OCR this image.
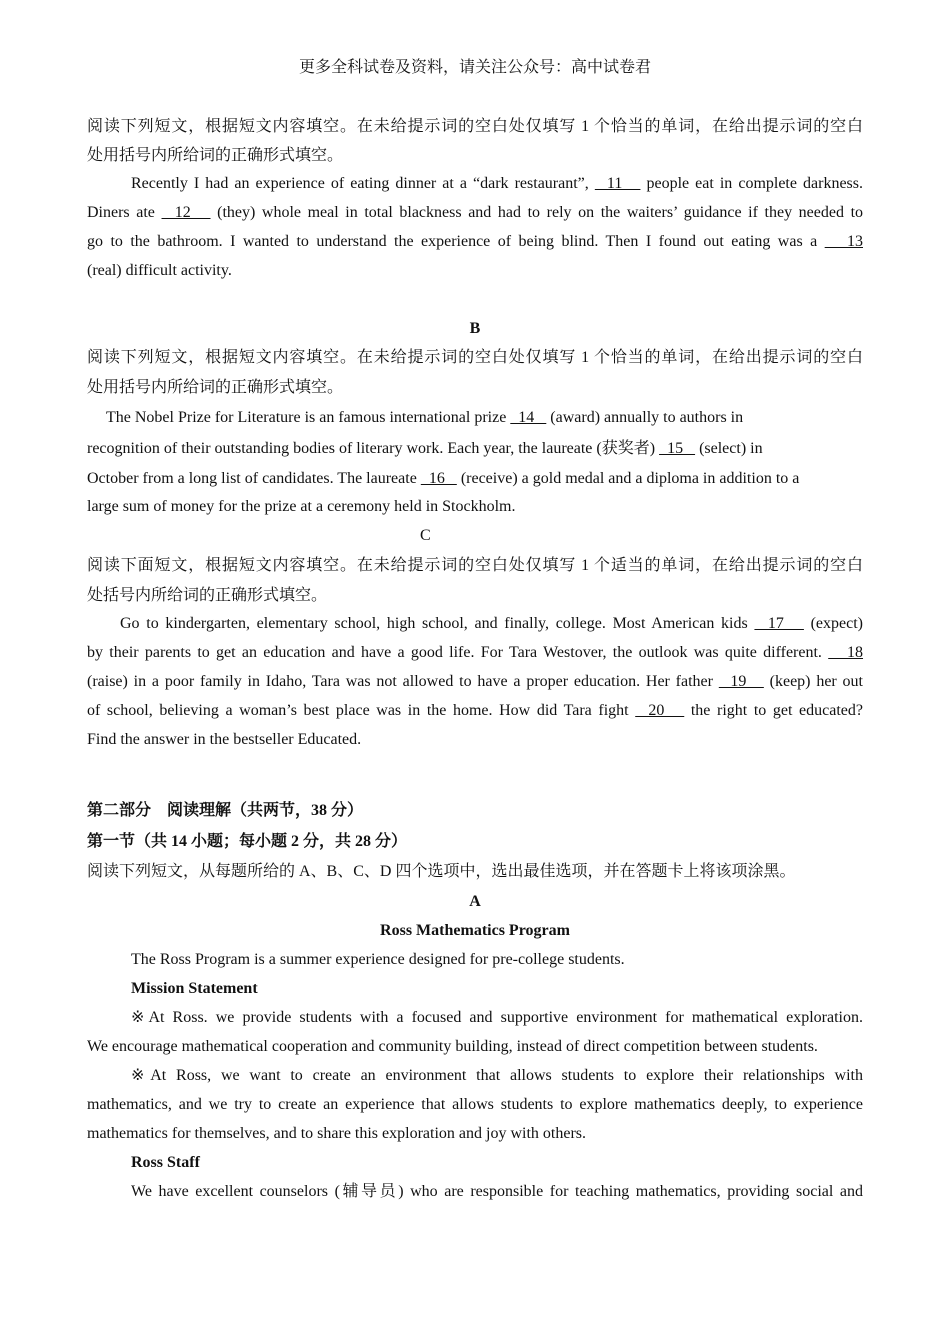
更多全科试卷及资料，请关注公众号：高中试卷君
阅读下列短文，根据短文内容填空。在未给提示词的空白处仅填写 1 个恰当的单词，在给出提示词的空白
处用括号内所给词的正确形式填空。
Recently I had an experience of eating dinner at a “dark restaurant”,   11    people eat in complete darkness.
Diners ate   12    (they) whole meal in total blackness and had to rely on the waiters’ guidance if they needed to
go to the bathroom. I wanted to understand the experience of being blind. Then I found out eating was a    13
(real) difficult activity.
B
阅读下列短文，根据短文内容填空。在未给提示词的空白处仅填写 1 个恰当的单词，在给出提示词的空白
处用括号内所给词的正确形式填空。
The Nobel Prize for Literature is an famous international prize   14    (award) annually to authors in
recognition of their outstanding bodies of literary work. Each year, the laureate (获奖者)   15    (select) in
October from a long list of candidates. The laureate   16    (receive) a gold medal and a diploma in addition to a
large sum of money for the prize at a ceremony held in Stockholm.
C
阅读下面短文，根据短文内容填空。在未给提示词的空白处仅填写 1 个适当的单词，在给出提示词的空白
处括号内所给词的正确形式填空。
Go to kindergarten, elementary school, high school, and finally, college. Most American kids   17    (expect)
by their parents to get an education and have a good life. For Tara Westover, the outlook was quite different.    18
(raise) in a poor family in Idaho, Tara was not allowed to have a proper education. Her father   19    (keep) her out
of school, believing a woman’s best place was in the home. How did Tara fight   20    the right to get educated?
Find the answer in the bestseller Educated.
第二部分　阅读理解（共两节，38 分）
第一节（共 14 小题；每小题 2 分，共 28 分）
阅读下列短文，从每题所给的 A、B、C、D 四个选项中，选出最佳选项，并在答题卡上将该项涂黑。
A
Ross Mathematics Program
The Ross Program is a summer experience designed for pre-college students.
Mission Statement
※At Ross. we provide students with a focused and supportive environment for mathematical exploration.
We encourage mathematical cooperation and community building, instead of direct competition between students.
※At Ross, we want to create an environment that allows students to explore their relationships with
mathematics, and we try to create an experience that allows students to explore mathematics deeply, to experience
mathematics for themselves, and to share this exploration and joy with others.
Ross Staff
We have excellent counselors (辅导员) who are responsible for teaching mathematics, providing social and
